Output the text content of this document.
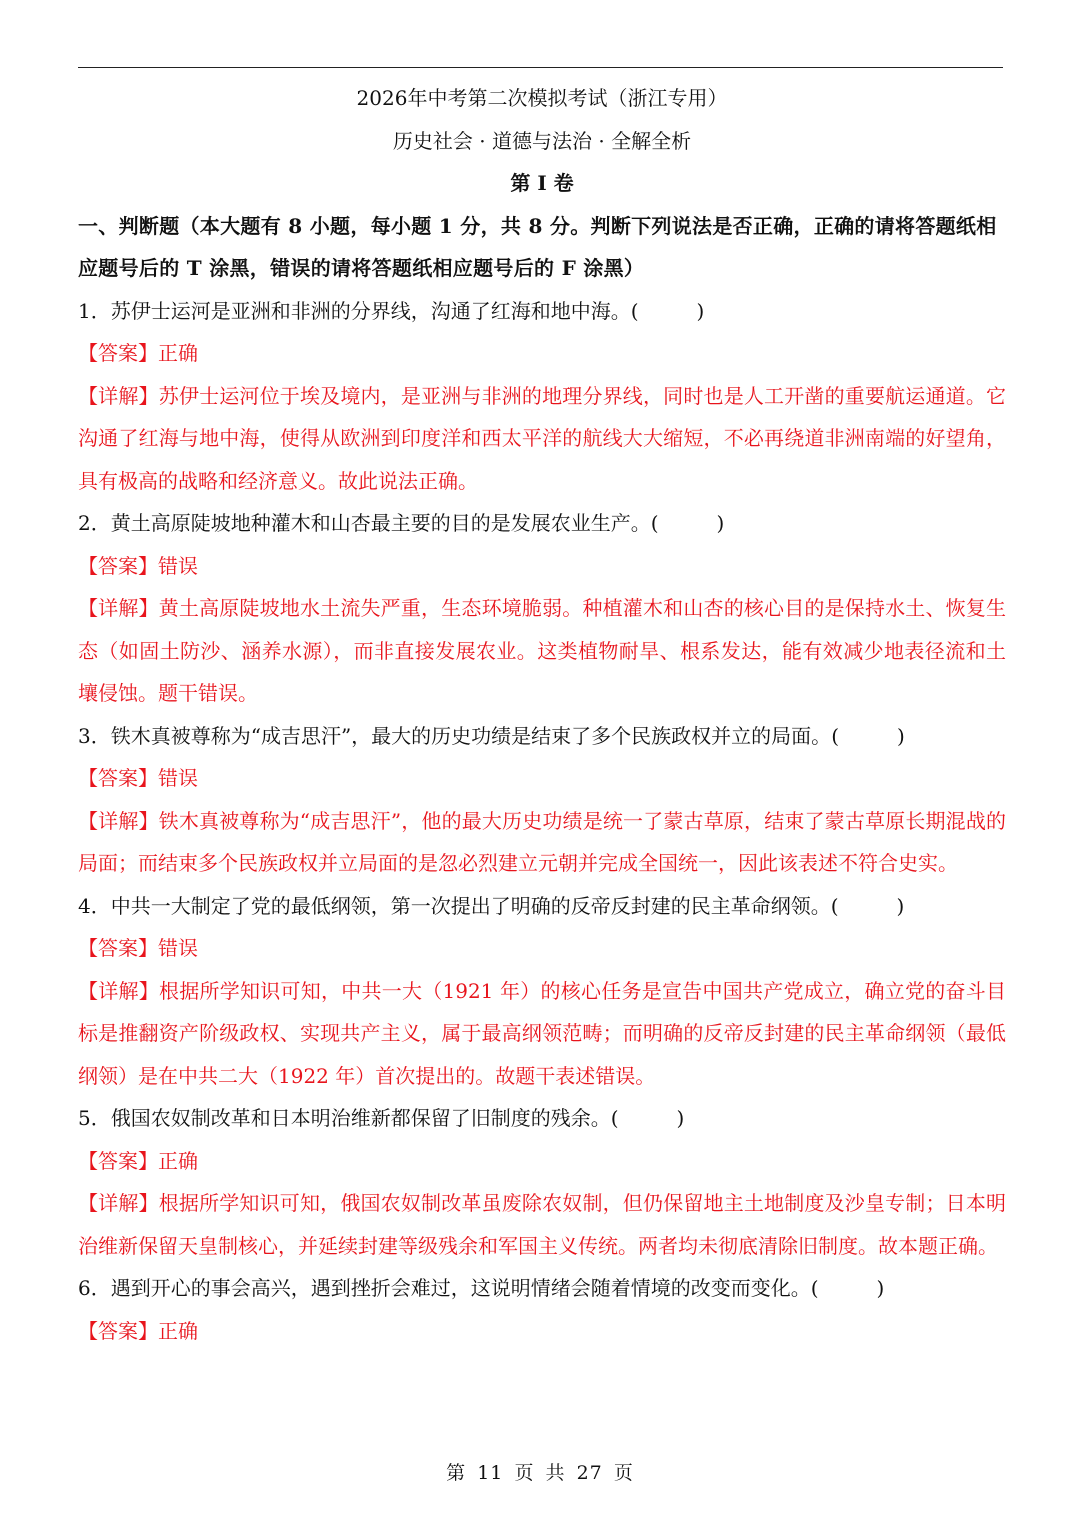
2026年中考第二次模拟考试（浙江专用）
历史社会 · 道德与法治 · 全解全析
第 I 卷
一、判断题（本大题有 8 小题，每小题 1 分，共 8 分。判断下列说法是否正确，正确的请将答题纸相应题号后的 T 涂黑，错误的请将答题纸相应题号后的 F 涂黑）
1．苏伊士运河是亚洲和非洲的分界线，沟通了红海和地中海。(	)
【答案】正确
【详解】苏伊士运河位于埃及境内，是亚洲与非洲的地理分界线，同时也是人工开凿的重要航运通道。它沟通了红海与地中海，使得从欧洲到印度洋和西太平洋的航线大大缩短，不必再绕道非洲南端的好望角，具有极高的战略和经济意义。故此说法正确。
2．黄土高原陡坡地种灌木和山杏最主要的目的是发展农业生产。(	)
【答案】错误
【详解】黄土高原陡坡地水土流失严重，生态环境脆弱。种植灌木和山杏的核心目的是保持水土、恢复生态（如固土防沙、涵养水源），而非直接发展农业。这类植物耐旱、根系发达，能有效减少地表径流和土壤侵蚀。题干错误。
3．铁木真被尊称为“成吉思汗”，最大的历史功绩是结束了多个民族政权并立的局面。(	)
【答案】错误
【详解】铁木真被尊称为“成吉思汗”，他的最大历史功绩是统一了蒙古草原，结束了蒙古草原长期混战的局面；而结束多个民族政权并立局面的是忽必烈建立元朝并完成全国统一，因此该表述不符合史实。
4．中共一大制定了党的最低纲领，第一次提出了明确的反帝反封建的民主革命纲领。(	)
【答案】错误
【详解】根据所学知识可知，中共一大（1921 年）的核心任务是宣告中国共产党成立，确立党的奋斗目标是推翻资产阶级政权、实现共产主义，属于最高纲领范畴；而明确的反帝反封建的民主革命纲领（最低纲领）是在中共二大（1922 年）首次提出的。故题干表述错误。
5．俄国农奴制改革和日本明治维新都保留了旧制度的残余。(	)
【答案】正确
【详解】根据所学知识可知，俄国农奴制改革虽废除农奴制，但仍保留地主土地制度及沙皇专制；日本明治维新保留天皇制核心，并延续封建等级残余和军国主义传统。两者均未彻底清除旧制度。故本题正确。
6．遇到开心的事会高兴，遇到挫折会难过，这说明情绪会随着情境的改变而变化。(	)
【答案】正确
第 11 页 共 27 页
